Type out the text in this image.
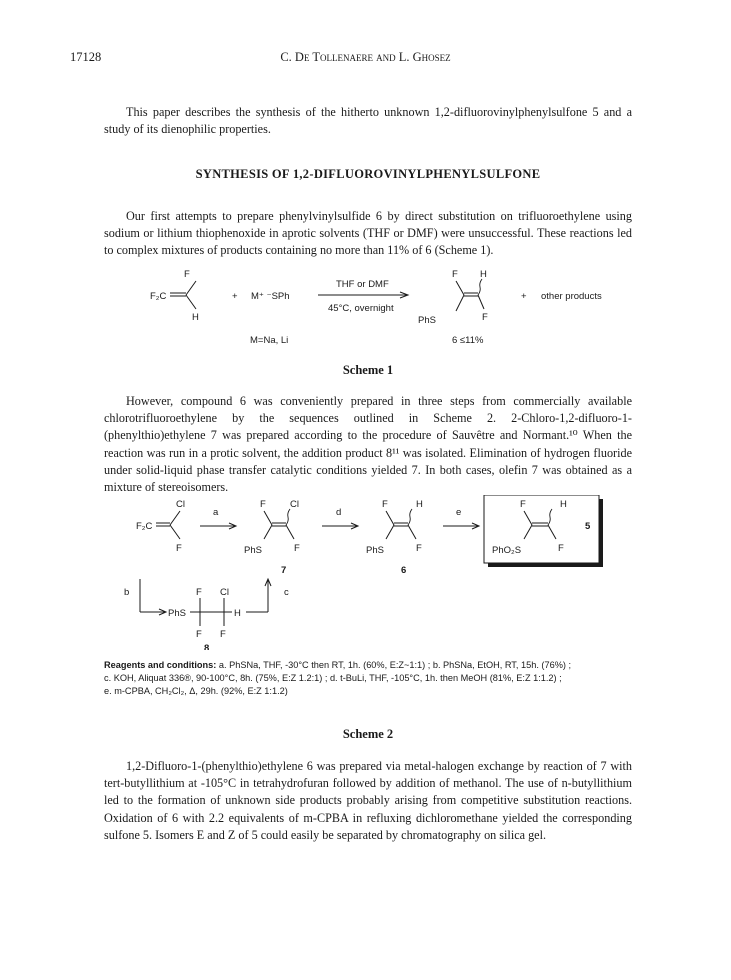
17128	C. De Tollenaere and L. Ghosez
This paper describes the synthesis of the hitherto unknown 1,2-difluorovinylphenylsulfone 5 and a study of its dienophilic properties.
SYNTHESIS OF 1,2-DIFLUOROVINYLPHENYLSULFONE
Our first attempts to prepare phenylvinylsulfide 6 by direct substitution on trifluoroethylene using sodium or lithium thiophenoxide in aprotic solvents (THF or DMF) were unsuccessful. These reactions led to complex mixtures of products containing no more than 11% of 6 (Scheme 1).
F
F₂C
H
+ M⁺ ⁻SPh
THF or DMF
45°C, overnight
F H
PhS	F
+ other products
M=Na, Li	6 ≤11%
Scheme 1
However, compound 6 was conveniently prepared in three steps from commercially available chlorotrifluoroethylene by the sequences outlined in Scheme 2. 2-Chloro-1,2-difluoro-1-(phenylthio)ethylene 7 was prepared according to the procedure of Sauvêtre and Normant.¹⁰ When the reaction was run in a protic solvent, the addition product 8¹¹ was isolated. Elimination of hydrogen fluoride under solid-liquid phase transfer catalytic conditions yielded 7. In both cases, olefin 7 was obtained as a mixture of stereoisomers.
Cl
F₂C
F
a
F	Cl
PhS	F
7
d
F	H
PhS	F
6
e
F	H
PhO₂S	F
5
b
PhS
F Cl
F F
H
8
c
Reagents and conditions: a. PhSNa, THF, -30°C then RT, 1h. (60%, E:Z~1:1) ; b. PhSNa, EtOH, RT, 15h. (76%) ;
c. KOH, Aliquat 336®, 90-100°C, 8h. (75%, E:Z 1.2:1) ; d. t-BuLi, THF, -105°C, 1h. then MeOH (81%, E:Z 1:1.2) ;
e. m-CPBA, CH₂Cl₂, Δ, 29h. (92%, E:Z 1:1.2)
Scheme 2
1,2-Difluoro-1-(phenylthio)ethylene 6 was prepared via metal-halogen exchange by reaction of 7 with tert-butyllithium at -105°C in tetrahydrofuran followed by addition of methanol. The use of n-butyllithium led to the formation of unknown side products probably arising from competitive substitution reactions. Oxidation of 6 with 2.2 equivalents of m-CPBA in refluxing dichloromethane yielded the corresponding sulfone 5. Isomers E and Z of 5 could easily be separated by chromatography on silica gel.
